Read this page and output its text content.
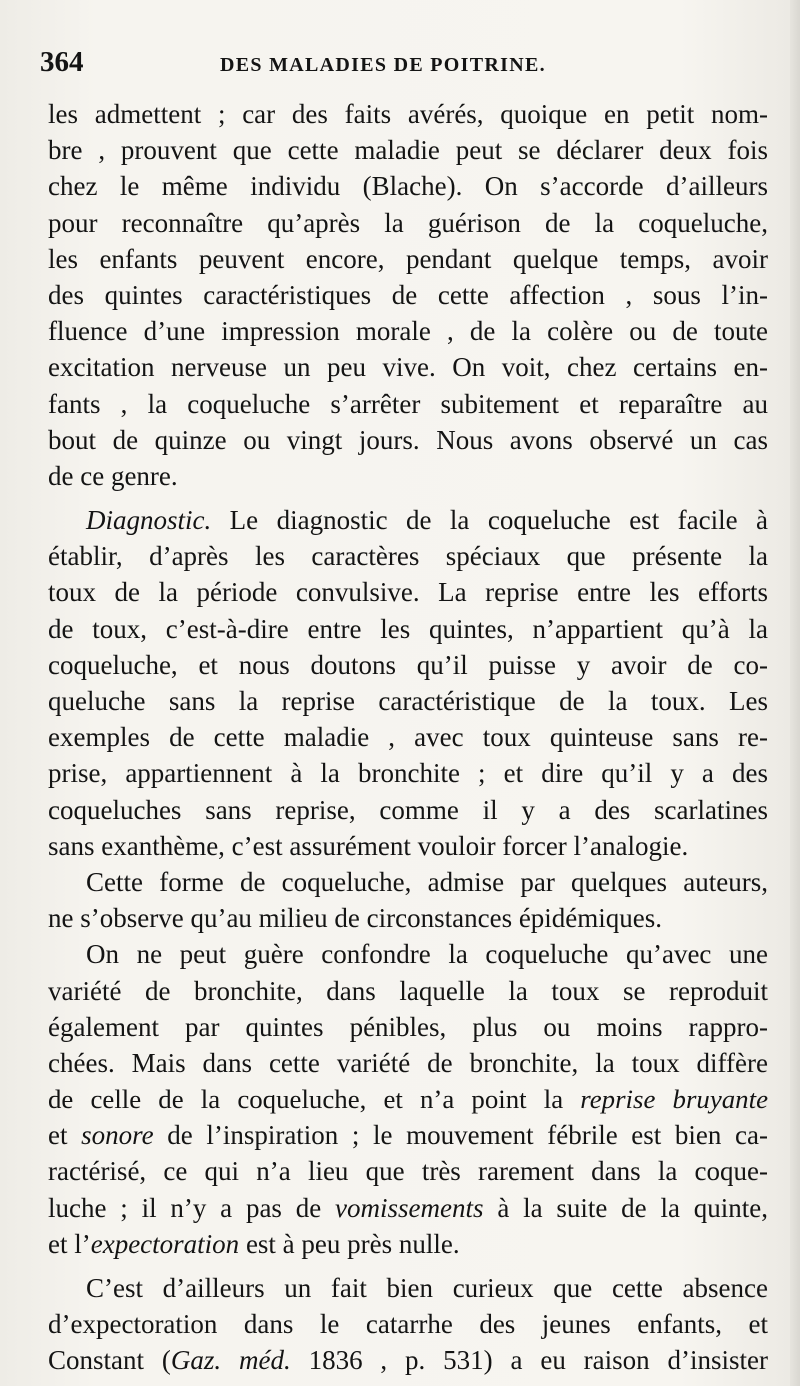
364	DES MALADIES DE POITRINE.
les admettent ; car des faits avérés, quoique en petit nom-
bre , prouvent que cette maladie peut se déclarer deux fois
chez le même individu (Blache). On s’accorde d’ailleurs
pour reconnaître qu’après la guérison de la coqueluche,
les enfants peuvent encore, pendant quelque temps, avoir
des quintes caractéristiques de cette affection , sous l’in-
fluence d’une impression morale , de la colère ou de toute
excitation nerveuse un peu vive. On voit, chez certains en-
fants , la coqueluche s’arrêter subitement et reparaître au
bout de quinze ou vingt jours. Nous avons observé un cas
de ce genre.
Diagnostic. Le diagnostic de la coqueluche est facile à
établir, d’après les caractères spéciaux que présente la
toux de la période convulsive. La reprise entre les efforts
de toux, c’est-à-dire entre les quintes, n’appartient qu’à la
coqueluche, et nous doutons qu’il puisse y avoir de co-
queluche sans la reprise caractéristique de la toux. Les
exemples de cette maladie , avec toux quinteuse sans re-
prise, appartiennent à la bronchite ; et dire qu’il y a des
coqueluches sans reprise, comme il y a des scarlatines
sans exanthème, c’est assurément vouloir forcer l’analogie.
Cette forme de coqueluche, admise par quelques auteurs,
ne s’observe qu’au milieu de circonstances épidémiques.
On ne peut guère confondre la coqueluche qu’avec une
variété de bronchite, dans laquelle la toux se reproduit
également par quintes pénibles, plus ou moins rappro-
chées. Mais dans cette variété de bronchite, la toux diffère
de celle de la coqueluche, et n’a point la reprise bruyante
et sonore de l’inspiration ; le mouvement fébrile est bien ca-
ractérisé, ce qui n’a lieu que très rarement dans la coque-
luche ; il n’y a pas de vomissements à la suite de la quinte,
et l’expectoration est à peu près nulle.
C’est d’ailleurs un fait bien curieux que cette absence
d’expectoration dans le catarrhe des jeunes enfants, et
Constant (Gaz. méd. 1836 , p. 531) a eu raison d’insister
